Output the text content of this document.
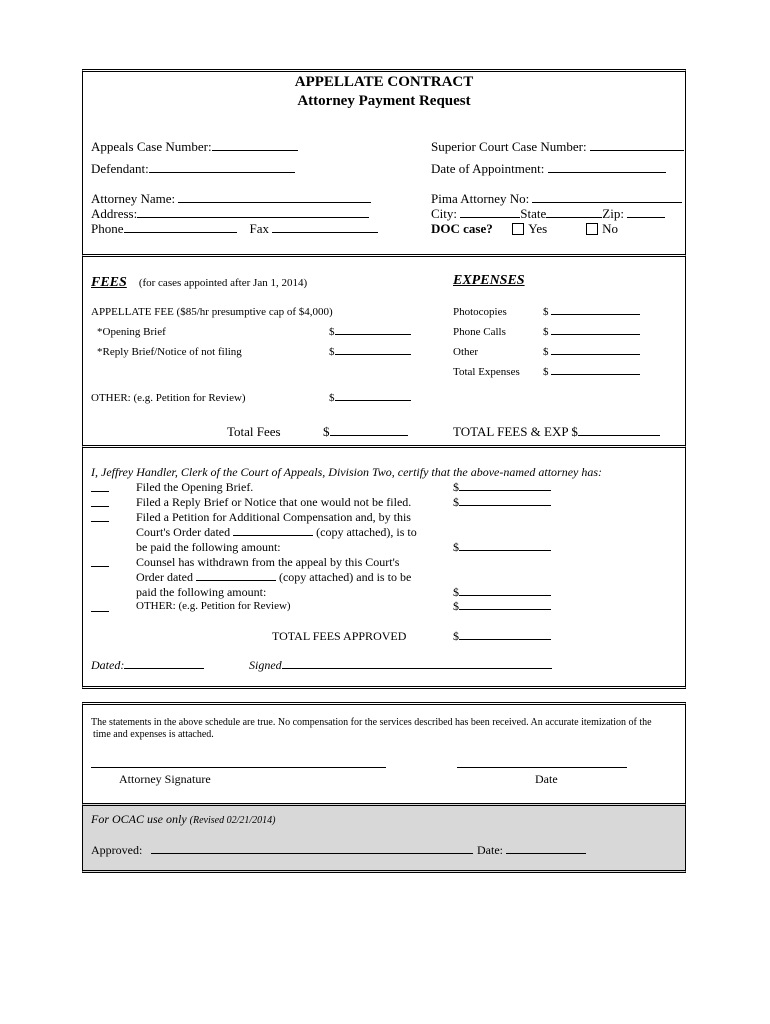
APPELLATE CONTRACT
Attorney Payment Request
Appeals Case Number:	Superior Court Case Number:
Defendant:	Date of Appointment:
Attorney Name:	Pima Attorney No:
Address:	City:	State	Zip:
Phone	Fax	DOC case?	Yes	No
FEES (for cases appointed after Jan 1, 2014)	EXPENSES
APPELLATE FEE ($85/hr presumptive cap of $4,000)
*Opening Brief	$
*Reply Brief/Notice of not filing	$
OTHER: (e.g. Petition for Review)	$
Total Fees	$
Photocopies	$
Phone Calls	$
Other	$
Total Expenses $
TOTAL FEES & EXP $
I, Jeffrey Handler, Clerk of the Court of Appeals, Division Two, certify that the above-named attorney has:
Filed the Opening Brief.	$
Filed a Reply Brief or Notice that one would not be filed.	$
Filed a Petition for Additional Compensation and, by this
Court's Order dated	(copy attached), is to
be paid the following amount:	$
Counsel has withdrawn from the appeal by this Court's
Order dated	(copy attached) and is to be
paid the following amount:	$
OTHER: (e.g. Petition for Review)	$
TOTAL FEES APPROVED	$
Dated:	Signed
The statements in the above schedule are true. No compensation for the services described has been received. An accurate itemization of the
time and expenses is attached.
Attorney Signature	Date
For OCAC use only (Revised 02/21/2014)
Approved:	Date:
